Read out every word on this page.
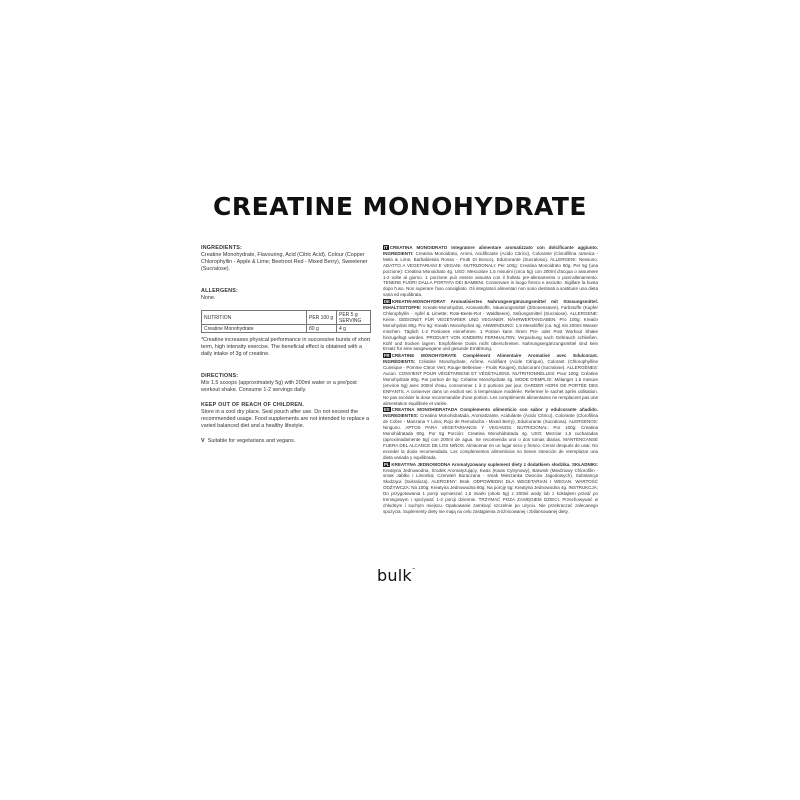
CREATINE MONOHYDRATE
INGREDIENTS:
Creatine Monohydrate, Flavouring, Acid (Citric Acid), Colour (Copper Chlorophyllin - Apple & Lime; Beetroot Red - Mixed Berry), Sweetener (Sucralose).
ALLERGENS:
None.
NUTRITION	PER 100 g	PER 5 g SERVING
Creatine Monohydrate	80 g	4 g
*Creatine increases physical performance in successive bursts of short term, high intensity exercise. The beneficial effect is obtained with a daily intake of 3g of creatine.
DIRECTIONS:
Mix 1.5 scoops (approximately 5g) with 200ml water or a pre/post workout shake. Consume 1-2 servings daily.
KEEP OUT OF REACH OF CHILDREN.
Store in a cool dry place. Seal pouch after use. Do not exceed the recommended usage. Food supplements are not intended to replace a varied balanced diet and a healthy lifestyle.
V Suitable for vegetarians and vegans.

IT CREATINA MONOIDRATO Integratore alimentare aromatizzato con dolcificante aggiunto. INGREDIENTI: Creatina Monoidrato, Aromi, Acidificante (Acido Citrico), Colorante (Clorofillina rameica - Mela & Lime; Barbabietola Rossa - Frutti Di Bosco), Edulcorante (Sucralosio). ALLERGENI: Nessuno. ADATTO A VEGETARIANI E VEGANI. NUTRIZIONALI: Per 100g: Creatina Monoidrato 80g. Per 5g (una porzione): Creatina Monoidrato 4g. USO: Mescolare 1,5 misurini (circa 5g) con 200ml d'acqua o assumere 1-2 volte al giorno. 1 porzione può essere assunta con il frullato pre-allenamento o post-allenamento. TENERE FUORI DALLA PORTATA DEI BAMBINI. Conservare in luogo fresco e asciutto. Sigillare la busta dopo l'uso. Non superare l'uso consigliato. Gli integratori alimentari non sono destinati a sostituire una dieta varia ed equilibrata.

DE KREATIN-MONOHYDRAT Aromatisiertes Nahrungsergänzungsmittel mit Süssungsmittel. INHALTSSTOFFE: Kreatin-Monohydrat, Aromastoffe, Säuerungsmittel (Zitronensäure), Farbstoffe (Kupfer Chlorophyllin - Apfel & Limette; Rote-Beete-Rot - Waldbeere), Süßungsmittel (Sucralose). ALLERGENE: Keine. GEEIGNET FÜR VEGETARIER UND VEGANER. NÄHRWERTANGABEN: Pro 100g: Kreatin Monohydrat 80g. Pro 5g: Kreatin Monohydrat 4g. ANWENDUNG: 1,5 Messlöffel (ca. 5g) mit 200ml Wasser mischen. Täglich 1-2 Portionen einnehmen. 1 Portion kann Ihrem Pre- oder Post Workout Shake hinzugefügt werden. PRODUKT VON KINDERN FERNHALTEN. Verpackung nach Gebrauch schließen. Kühl und trocken lagern. Empfohlene Dosis nicht überschreiten. Nahrungsergänzungsmittel sind kein Ersatz für eine ausgewogene und gesunde Ernährung.

FR CRÉATINE MONOHYDRATE Complément Alimentaire Aromatisé avec Edulcorant. INGRÉDIENTS: Créatine Monohydrate, Arôme, Acidifiant (Acide Citrique), Colorant (Chlorophylline Cuivrique - Pomme Citron Vert; Rouge Betterave - Fruits Rouges), Edulcorant (Sucralose). ALLERGÈNES: Aucun. CONVIENT POUR VÉGÉTARIENS ET VÉGÉTALIENS. NUTRITIONNELLES: Pour 100g: Créatine Monohydrate 80g. Par portion de 5g: Créatine Monohydrate 4g. MODE D'EMPLOI: Mélanger 1,5 mesure (environ 5g) avec 200ml d'eau, consommer 1 à 2 portions par jour. GARDER HORS DE PORTÉE DES ENFANTS. A conserver dans un endroit sec à température modérée. Refermer le sachet après utilisation. Ne pas excéder la dose recommandée d'une portion. Les compléments alimentaires ne remplacent pas une alimentation équilibrée et variée.

ES CREATINA MONOHIDRATADA Complemento alimenticio con sabor y edulcorante añadido. INGREDIENTES: Creatina Monohidratada, Aromatizante, Acidulante (Ácido Cítrico), Colorante (Clorofilina de Cobre - Manzana Y Lima; Rojo de Remolacha - Mixed Berry), Edulcorante (Sucralosa). ALERGENOS: Ninguno. APTOS PARA VEGETARIANOS Y VEGANOS. NUTRICIONAL: Por 100g: Creatina Monohidratada 80g. Por 5g Porción: Creatina Monohidratada 4g. USO: Mezclar 1,5 cucharadas (aproximadamente 5g) con 200ml de agua. Se recomienda una o dos tomas diarias. MANTÉNGANSE FUERA DEL ALCANCE DE LOS NIÑOS. Almacenar en un lugar seco y fresco. Cerrar después de usar. No exceder la dosis recomendada. Los complementos alimenticios no tienen intención de reemplazar una dieta variada y equilibrada.

PL KREATYNA JEDNOWODNA Aromatyzowany suplement diety z dodatkiem słodzika. SKŁADNIKI: Kreatyna Jednowodna, Środek Aromatyzujący, Kwas (Kwas Cytrynowy), Barwnik (Miedziowy Chlorofilin - smak Jabłko i Limonka; Czerwień Buraczana - smak Mieszanka Owoców Jagodowych), Substancja Słodząca (Sukraloza). ALERGENY: Brak. ODPOWIEDNI DLA WEGETARIAN I WEGAN. WARTOŚĆ ODŻYWCZA: Na 100g: Kreatyna Jednowodna 80g. Na porcję 5g: Kreatyna Jednowodna 4g. INSTRUKCJA: Do przygotowania 1 porcji wymieszać 1,5 miarki (około 5g) z 200ml wody lub z koktajlem przed/ po treningowym i spożywać 1-2 porcji dziennie. TRZYMAĆ POZA ZASIĘGIEM DZIECI. Przechowywać w chłodnym i suchym miejscu. Opakowanie zamknąć szczelnie po użyciu. Nie przekraczać zalecanego spożycia. Suplementy diety nie mają na celu zastąpienia zróżnicowanej i zbilansowanej diety.

bulk™
